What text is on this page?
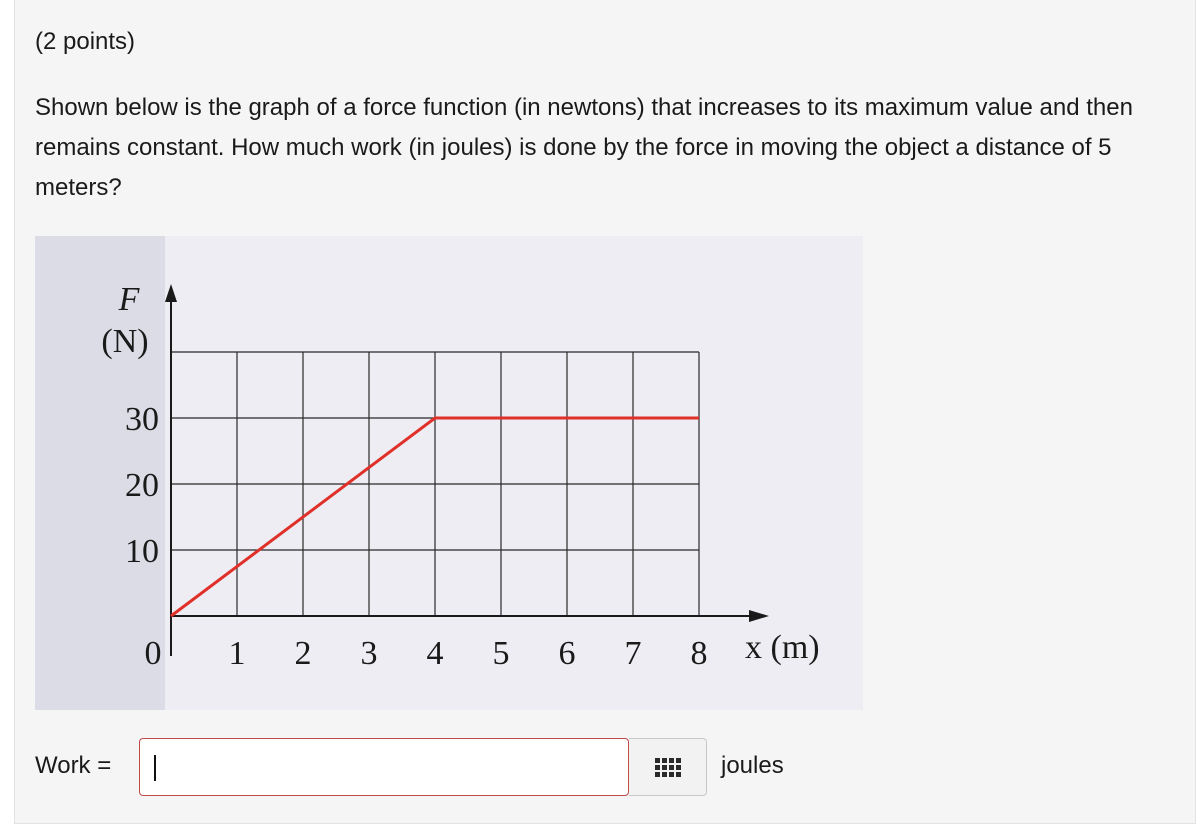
(2 points)
Shown below is the graph of a force function (in newtons) that increases to its maximum value and then remains constant. How much work (in joules) is done by the force in moving the object a distance of 5 meters?
0 1 2 3 4 5 6 7 8
10
20
30
F
(N)
x (m)
Work =	joules
